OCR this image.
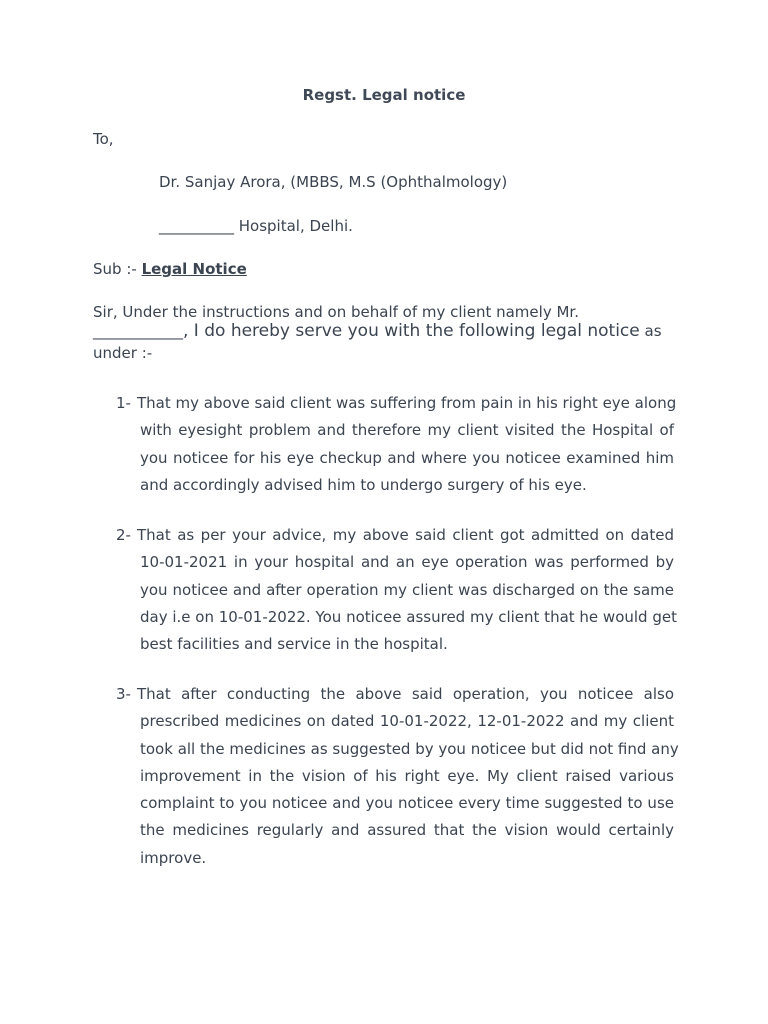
Regst. Legal notice
To,
Dr. Sanjay Arora, (MBBS, M.S (Ophthalmology)
__________ Hospital, Delhi.
Sub :- Legal Notice
Sir, Under the instructions and on behalf of my client namely Mr.
____________, I do hereby serve you with the following legal notice as
under :-
1- That my above said client was suffering from pain in his right eye along
with eyesight problem and therefore my client visited the Hospital of
you noticee for his eye checkup and where you noticee examined him
and accordingly advised him to undergo surgery of his eye.
2- That as per your advice, my above said client got admitted on dated
10-01-2021 in your hospital and an eye operation was performed by
you noticee and after operation my client was discharged on the same
day i.e on 10-01-2022. You noticee assured my client that he would get
best facilities and service in the hospital.
3- That after conducting the above said operation, you noticee also
prescribed medicines on dated 10-01-2022, 12-01-2022 and my client
took all the medicines as suggested by you noticee but did not find any
improvement in the vision of his right eye. My client raised various
complaint to you noticee and you noticee every time suggested to use
the medicines regularly and assured that the vision would certainly
improve.
